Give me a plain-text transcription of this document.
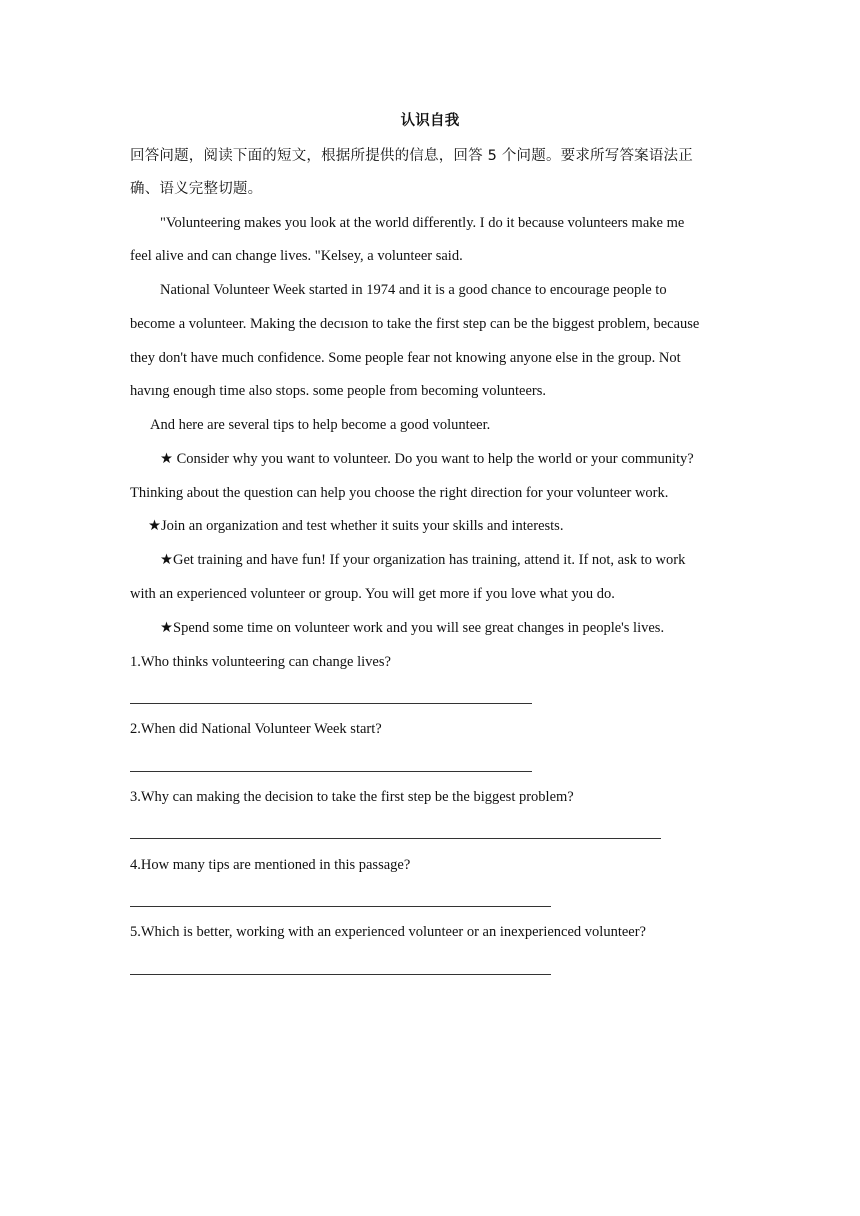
认识自我
回答问题，阅读下面的短文，根据所提供的信息，回答 5 个问题。要求所写答案语法正
确、语义完整切题。
"Volunteering makes you look at the world differently. I do it because volunteers make me
feel alive and can change lives. "Kelsey, a volunteer said.
National Volunteer Week started in 1974 and it is a good chance to encourage people to
become a volunteer. Making the decısıon to take the first step can be the biggest problem, because
they don't have much confidence. Some people fear not knowing anyone else in the group. Not
havıng enough time also stops. some people from becoming volunteers.
And here are several tips to help become a good volunteer.
★ Consider why you want to volunteer. Do you want to help the world or your community?
Thinking about the question can help you choose the right direction for your volunteer work.
★Join an organization and test whether it suits your skills and interests.
★Get training and have fun! If your organization has training, attend it. If not, ask to work
with an experienced volunteer or group. You will get more if you love what you do.
★Spend some time on volunteer work and you will see great changes in people's lives.
1.Who thinks volunteering can change lives?
2.When did National Volunteer Week start?
3.Why can making the decision to take the first step be the biggest problem?
4.How many tips are mentioned in this passage?
5.Which is better, working with an experienced volunteer or an inexperienced volunteer?
